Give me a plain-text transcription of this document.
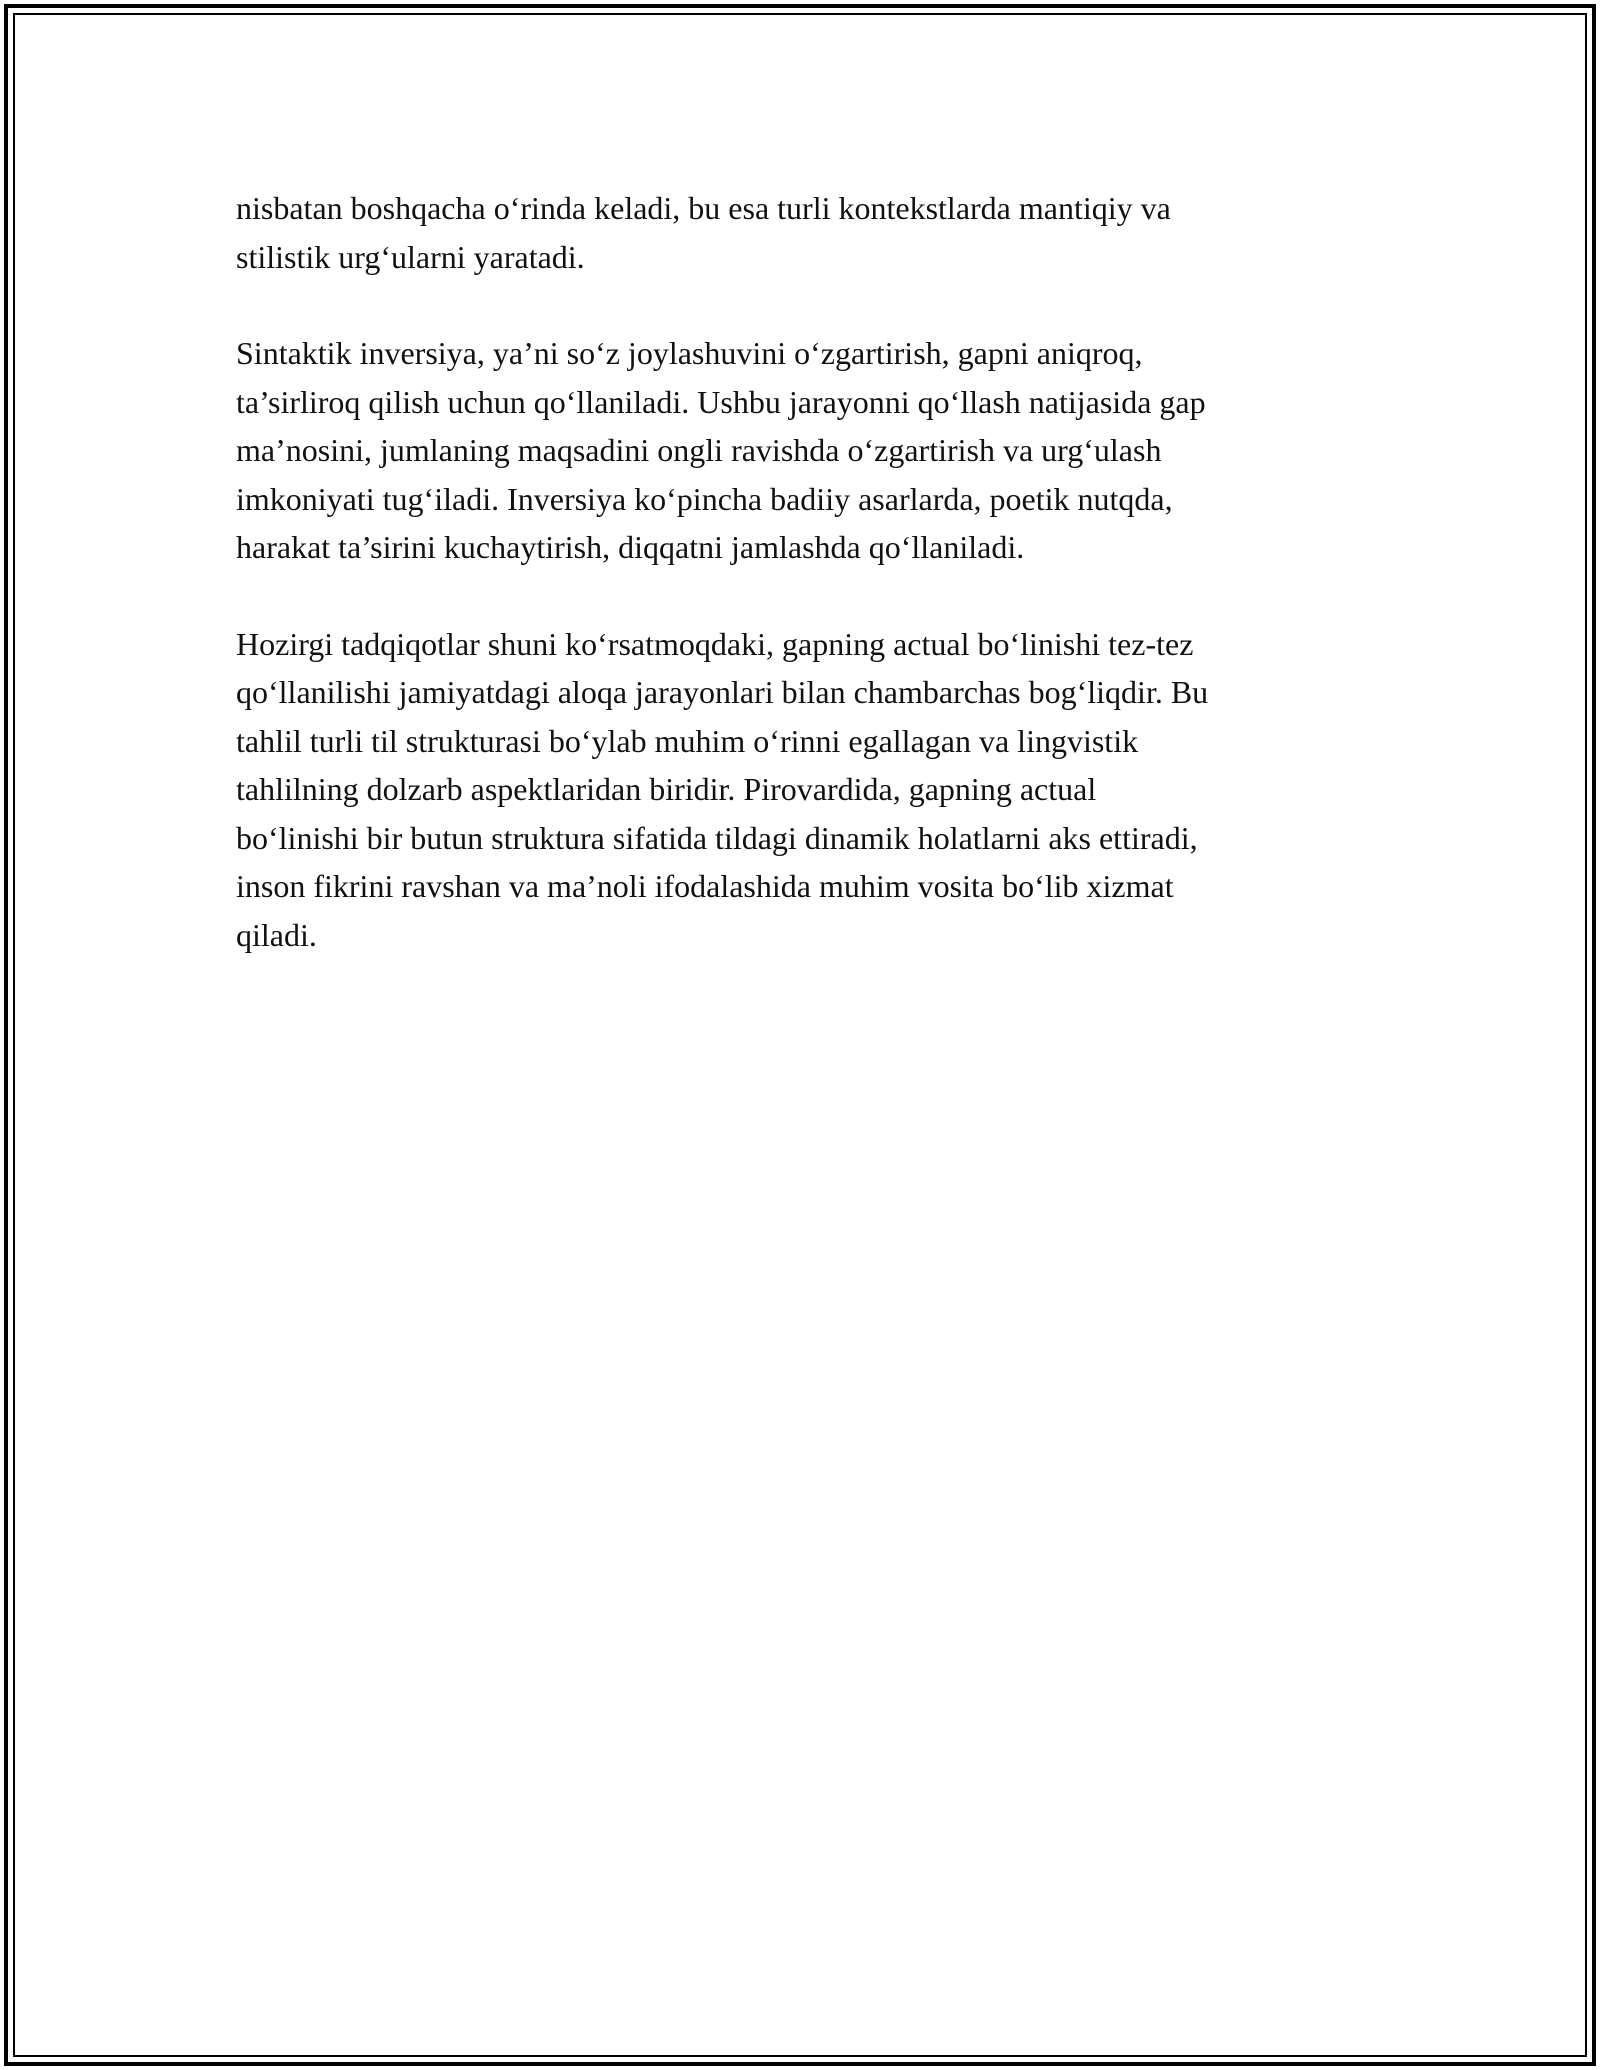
nisbatan boshqacha o‘rinda keladi, bu esa turli kontekstlarda mantiqiy va
stilistik urg‘ularni yaratadi.

Sintaktik inversiya, ya’ni so‘z joylashuvini o‘zgartirish, gapni aniqroq,
ta’sirliroq qilish uchun qo‘llaniladi. Ushbu jarayonni qo‘llash natijasida gap
ma’nosini, jumlaning maqsadini ongli ravishda o‘zgartirish va urg‘ulash
imkoniyati tug‘iladi. Inversiya ko‘pincha badiiy asarlarda, poetik nutqda,
harakat ta’sirini kuchaytirish, diqqatni jamlashda qo‘llaniladi.

Hozirgi tadqiqotlar shuni ko‘rsatmoqdaki, gapning actual bo‘linishi tez-tez
qo‘llanilishi jamiyatdagi aloqa jarayonlari bilan chambarchas bog‘liqdir. Bu
tahlil turli til strukturasi bo‘ylab muhim o‘rinni egallagan va lingvistik
tahlilning dolzarb aspektlaridan biridir. Pirovardida, gapning actual
bo‘linishi bir butun struktura sifatida tildagi dinamik holatlarni aks ettiradi,
inson fikrini ravshan va ma’noli ifodalashida muhim vosita bo‘lib xizmat
qiladi.
